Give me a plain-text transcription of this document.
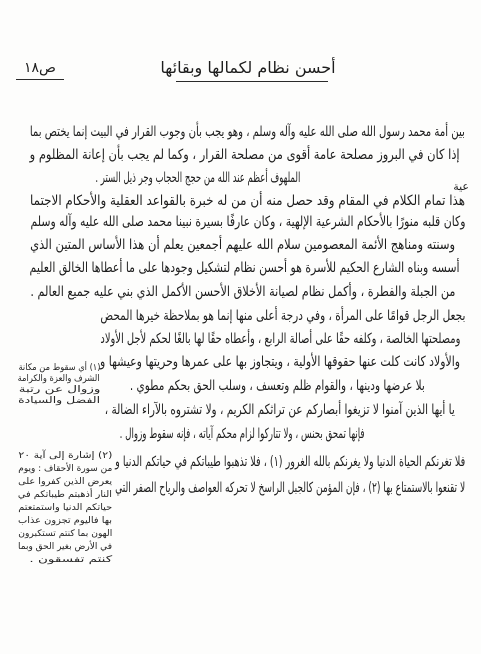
ص١٨	أحسن نظام لكمالها وبقائها
بين أمة محمد رسول الله صلى الله عليه وآله وسلم ، وهو يجب بأن وجوب القرار في البيت إنما يختص بما
إذا كان في البروز مصلحة عامة أقوى من مصلحة القرار ، وكما لم يجب بأن إعانة المظلوم و
الملهوف أعظم عند الله من حجج الحجاب وجر ذيل الستر .
عية
هذا تمام الكلام في المقام وقد حصل منه أن من له خبرة بالقواعد العقلية والأحكام الاجتما
وكان قلبه منورًا بالأحكام الشرعية الإلهية ، وكان عارفًا بسيرة نبينا محمد صلى الله عليه وآله وسلم
وسنته ومناهج الأئمة المعصومين سلام الله عليهم أجمعين يعلم أن هذا الأساس المتين الذي
أسسه وبناه الشارع الحكيم للأسرة هو أحسن نظام لتشكيل وجودها على ما أعطاها الخالق العليم
من الجبلة والفطرة ، وأكمل نظام لصيانة الأخلاق الأحسن الأكمل الذي بني عليه جميع العالم .
بجعل الرجل قوامًا على المرأة ، وفي درجة أعلى منها إنما هو بملاحظة خيرها المحض
ومصلحتها الخالصة ، وكلفه حقًا على أصالة الرابع ، وأعطاه حقًا لها بالغًا لحكم لأجل الأولاد
والأولاد كانت كلت عنها حقوقها الأولية ، ويتجاوز بها على عمرها وحريتها وعيشها و
بلا عرضها ودينها ، والقوام ظلم وتعسف ، وسلب الحق بحكم مطوي .
يا أيها الذين آمنوا لا تزيغوا أبصاركم عن تراثكم الكريم ، ولا تشتروه بالآراء الضالة ،
فإنها تمحق بحنس ، ولا تتاركوا لزام محكم آياته ، فإنه سقوط وزوال .
فلا تغرنكم الحياة الدنيا ولا يغرنكم بالله الغرور (١) ، فلا تذهبوا طيباتكم في حياتكم الدنيا و
لا تقنعوا بالاستمتاع بها (٢) ، فإن المؤمن كالجبل الراسخ لا تحركه العواصف والرياح الصفر التي
(١) أي سقوط من مكانة
الشرف والعزة والكرامة
وزوال عن رتبة
الفضل والسيادة
(٢) إشارة إلى آية ٢٠
من سورة الأحقاف : ويوم
يعرض الذين كفروا على
النار أذهبتم طيباتكم في
حياتكم الدنيا واستمتعتم
بها فاليوم تجزون عذاب
الهون بما كنتم تستكبرون
في الأرض بغير الحق وبما
كنتم تفسقون .
